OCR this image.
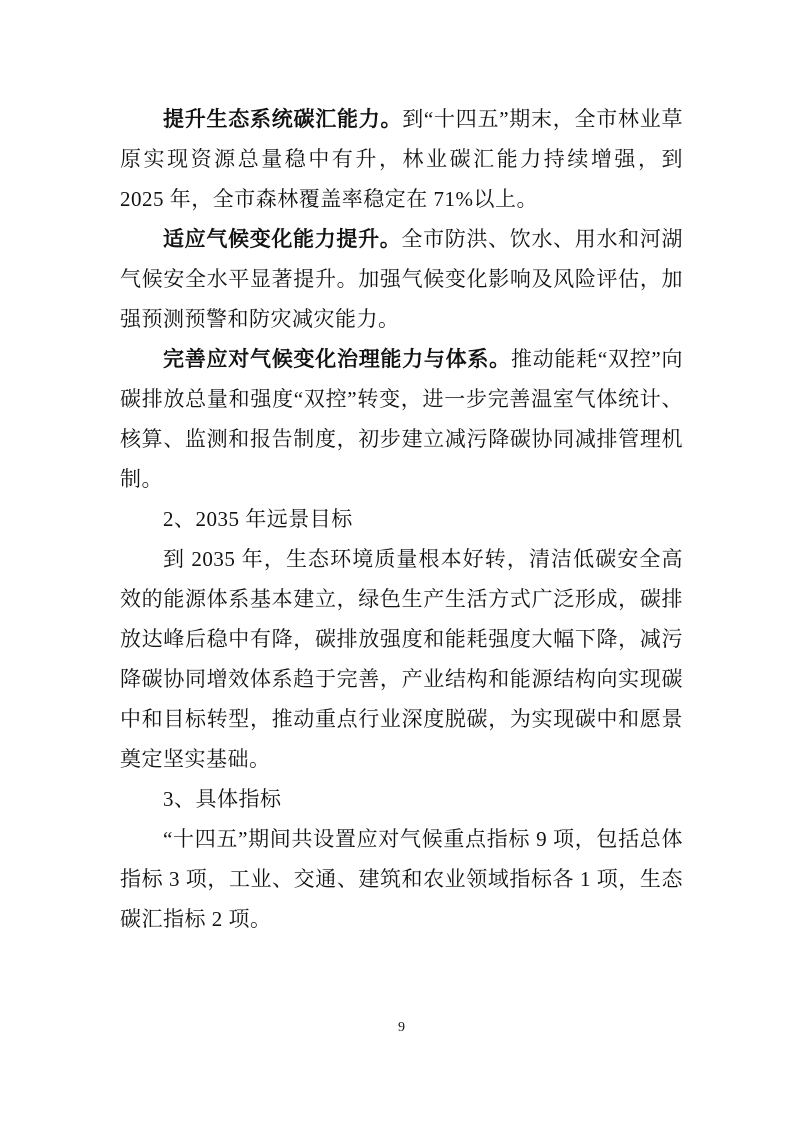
提升生态系统碳汇能力。到“十四五”期末，全市林业草原实现资源总量稳中有升，林业碳汇能力持续增强，到 2025 年，全市森林覆盖率稳定在 71%以上。

适应气候变化能力提升。全市防洪、饮水、用水和河湖气候安全水平显著提升。加强气候变化影响及风险评估，加强预测预警和防灾减灾能力。

完善应对气候变化治理能力与体系。推动能耗“双控”向碳排放总量和强度“双控”转变，进一步完善温室气体统计、核算、监测和报告制度，初步建立减污降碳协同减排管理机制。

2、2035 年远景目标

到 2035 年，生态环境质量根本好转，清洁低碳安全高效的能源体系基本建立，绿色生产生活方式广泛形成，碳排放达峰后稳中有降，碳排放强度和能耗强度大幅下降，减污降碳协同增效体系趋于完善，产业结构和能源结构向实现碳中和目标转型，推动重点行业深度脱碳，为实现碳中和愿景奠定坚实基础。

3、具体指标

“十四五”期间共设置应对气候重点指标 9 项，包括总体指标 3 项，工业、交通、建筑和农业领域指标各 1 项，生态碳汇指标 2 项。

9
